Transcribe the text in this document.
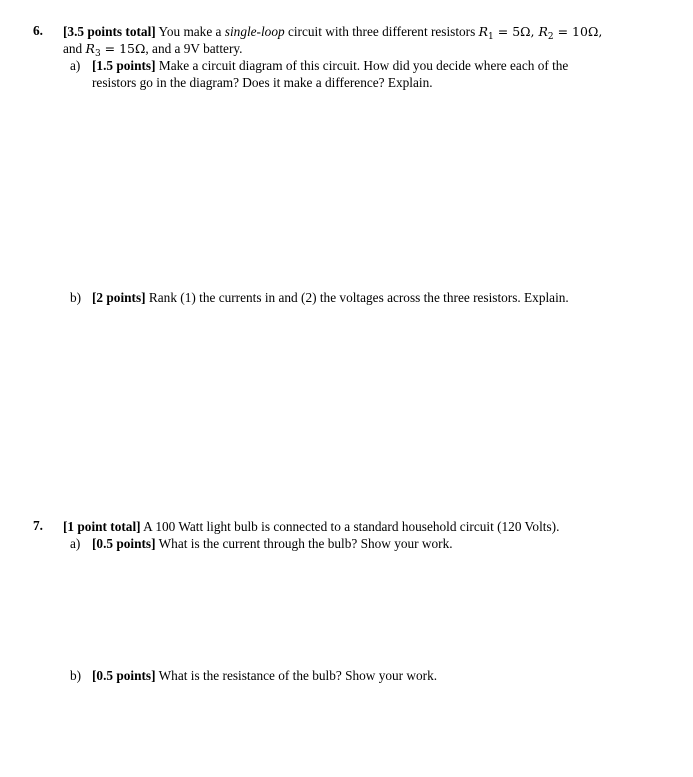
6. [3.5 points total] You make a single-loop circuit with three different resistors $R_1 = 5\Omega$, $R_2 = 10\Omega$,
and $R_3 = 15\Omega$, and a 9V battery.
a) [1.5 points] Make a circuit diagram of this circuit. How did you decide where each of the
resistors go in the diagram? Does it make a difference? Explain.
b) [2 points] Rank (1) the currents in and (2) the voltages across the three resistors. Explain.
7. [1 point total] A 100 Watt light bulb is connected to a standard household circuit (120 Volts).
a) [0.5 points] What is the current through the bulb? Show your work.
b) [0.5 points] What is the resistance of the bulb? Show your work.
